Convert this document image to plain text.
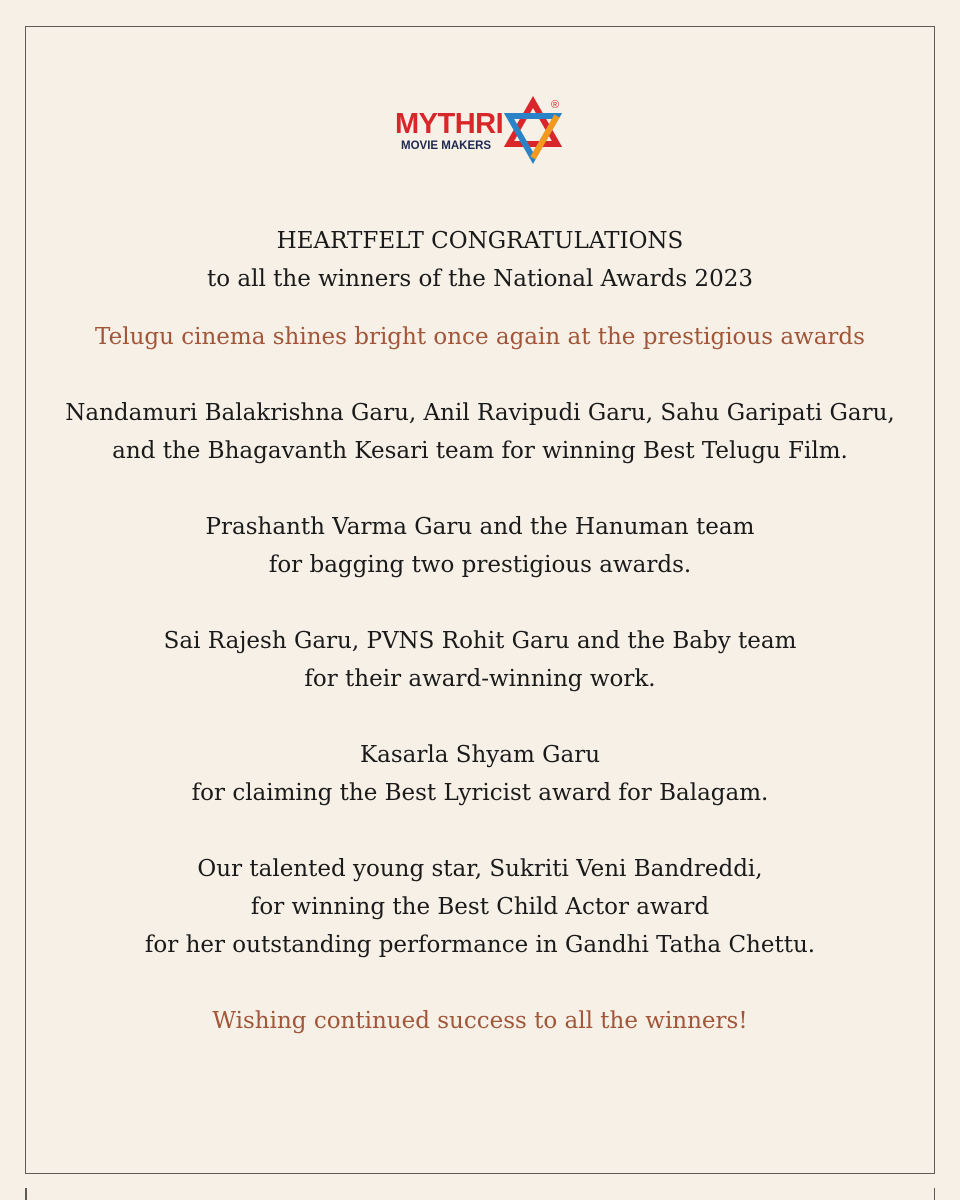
MYTHRI
MOVIE MAKERS
®
HEARTFELT CONGRATULATIONS
to all the winners of the National Awards 2023
Telugu cinema shines bright once again at the prestigious awards
Nandamuri Balakrishna Garu, Anil Ravipudi Garu, Sahu Garipati Garu,
and the Bhagavanth Kesari team for winning Best Telugu Film.
Prashanth Varma Garu and the Hanuman team
for bagging two prestigious awards.
Sai Rajesh Garu, PVNS Rohit Garu and the Baby team
for their award-winning work.
Kasarla Shyam Garu
for claiming the Best Lyricist award for Balagam.
Our talented young star, Sukriti Veni Bandreddi,
for winning the Best Child Actor award
for her outstanding performance in Gandhi Tatha Chettu.
Wishing continued success to all the winners!
